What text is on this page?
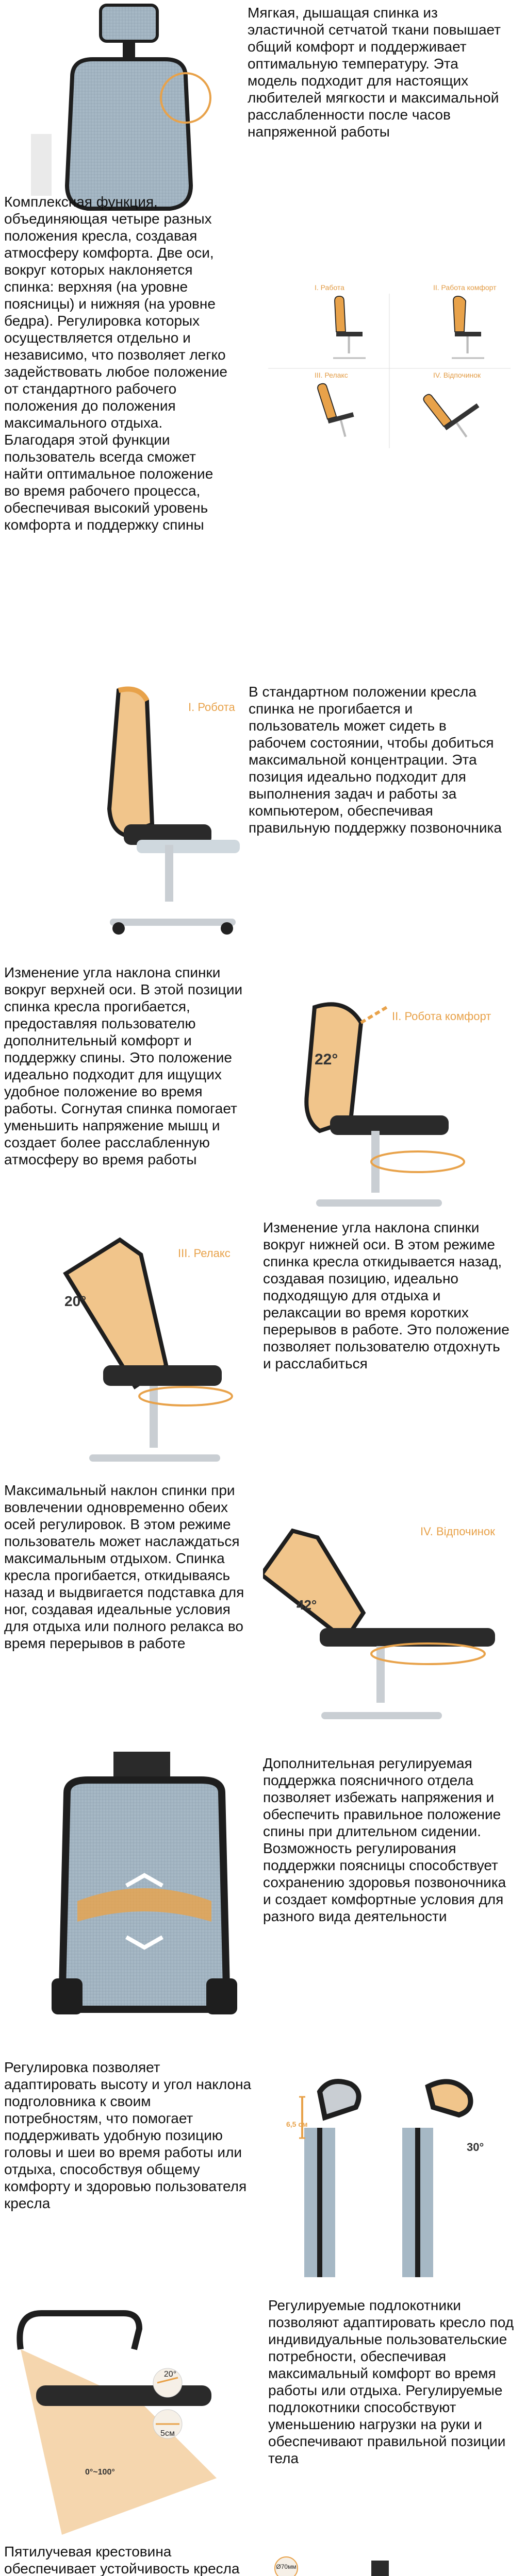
Мягкая, дышащая спинка из эластичной сетчатой ткани повышает общий комфорт и поддерживает оптимальную температуру. Эта модель подходит для настоящих любителей мягкости и максимальной расслабленности после часов напряженной работы
Комплексная функция, объединяющая четыре разных положения кресла, создавая атмосферу комфорта. Две оси, вокруг которых наклоняется спинка: верхняя (на уровне поясницы) и нижняя (на уровне бедра). Регулировка которых осуществляется отдельно и независимо, что позволяет легко задействовать любое положение от стандартного рабочего положения до положения максимального отдыха. Благодаря этой функции пользователь всегда сможет найти оптимальное положение во время рабочего процесса, обеспечивая высокий уровень комфорта и поддержку спины
I. Работа	II. Работа комфорт
III. Релакс	IV. Відпочинок
I. Робота
В стандартном положении кресла спинка не прогибается и пользователь может сидеть в рабочем состоянии, чтобы добиться максимальной концентрации. Эта позиция идеально подходит для выполнения задач и работы за компьютером, обеспечивая правильную поддержку позвоночника
Изменение угла наклона спинки вокруг верхней оси. В этой позиции спинка кресла прогибается, предоставляя пользователю дополнительный комфорт и поддержку спины. Это положение идеально подходит для ищущих удобное положение во время работы. Согнутая спинка помогает уменьшить напряжение мышц и создает более расслабленную атмосферу во время работы
II. Робота комфорт
22°
III. Релакс
20°
Изменение угла наклона спинки вокруг нижней оси. В этом режиме спинка кресла откидывается назад, создавая позицию, идеально подходящую для отдыха и релаксации во время коротких перерывов в работе. Это положение позволяет пользователю отдохнуть и расслабиться
Максимальный наклон спинки при вовлечении одновременно обеих осей регулировок. В этом режиме пользователь может наслаждаться максимальным отдыхом. Спинка кресла прогибается, откидываясь назад и выдвигается подставка для ног, создавая идеальные условия для отдыха или полного релакса во время перерывов в работе
IV. Відпочинок
42°
Дополнительная регулируемая поддержка поясничного отдела позволяет избежать напряжения и обеспечить правильное положение спины при длительном сидении. Возможность регулирования поддержки поясницы способствует сохранению здоровья позвоночника и создает комфортные условия для разного вида деятельности
Регулировка позволяет адаптировать высоту и угол наклона подголовника к своим потребностям, что помогает поддерживать удобную позицию головы и шеи во время работы или отдыха, способствуя общему комфорту и здоровью пользователя кресла
6,5 см
30°
0°~100°
20°
5см
Регулируемые подлокотники позволяют адаптировать кресло под индивидуальные пользовательские потребности, обеспечивая максимальный комфорт во время работы или отдыха. Регулируемые подлокотники способствуют уменьшению нагрузки на руки и обеспечивают правильной позиции тела
Пятилучевая крестовина обеспечивает устойчивость кресла	Ø70мм
